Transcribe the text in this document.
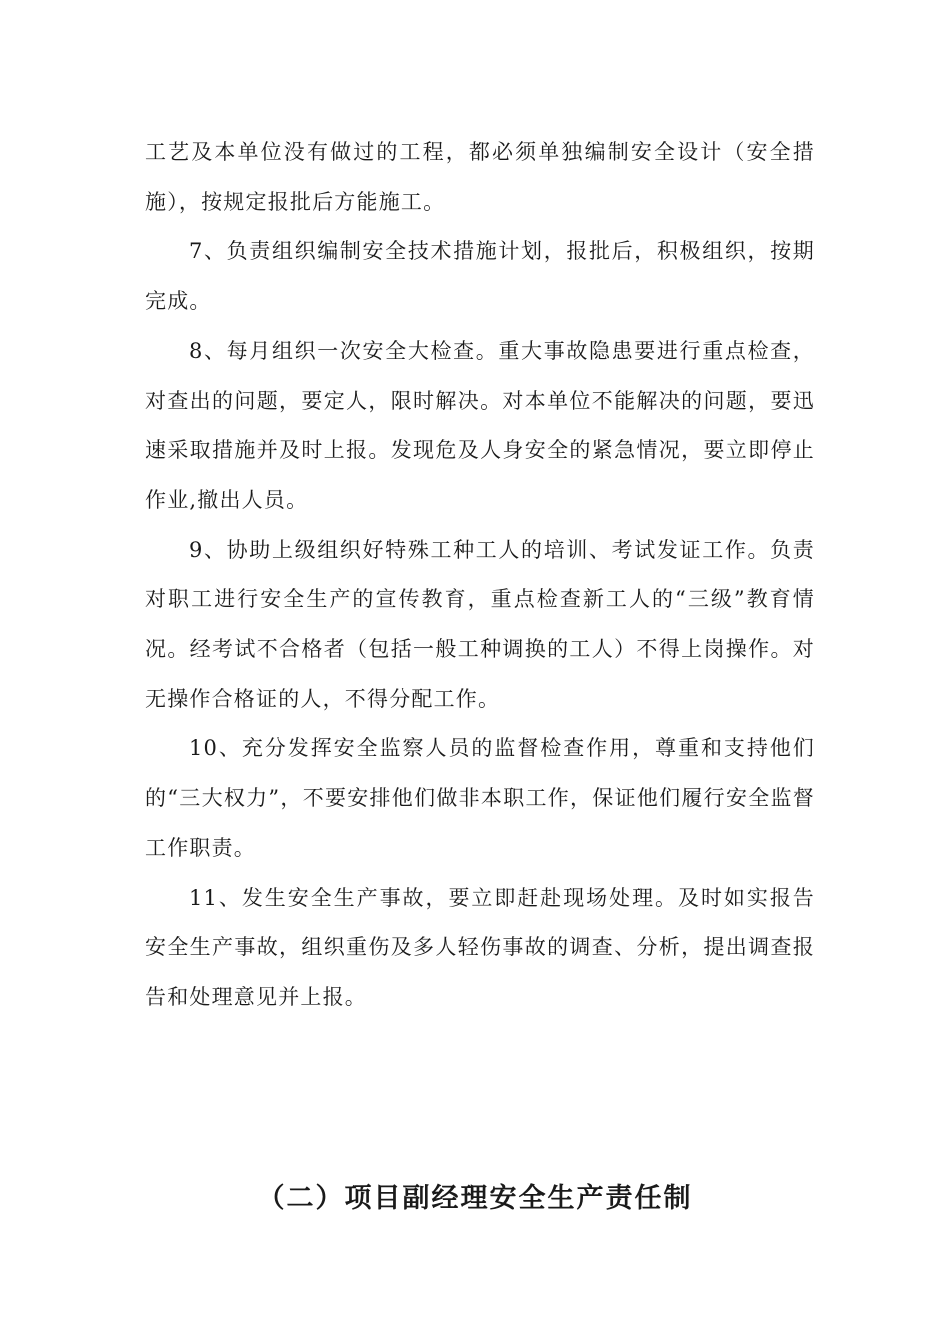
工艺及本单位没有做过的工程，都必须单独编制安全设计（安全措施），按规定报批后方能施工。

7、负责组织编制安全技术措施计划，报批后，积极组织，按期完成。

8、每月组织一次安全大检查。重大事故隐患要进行重点检查，对查出的问题，要定人，限时解决。对本单位不能解决的问题，要迅速采取措施并及时上报。发现危及人身安全的紧急情况，要立即停止作业,撤出人员。

9、协助上级组织好特殊工种工人的培训、考试发证工作。负责对职工进行安全生产的宣传教育，重点检查新工人的“三级”教育情况。经考试不合格者（包括一般工种调换的工人）不得上岗操作。对无操作合格证的人，不得分配工作。

10、充分发挥安全监察人员的监督检查作用，尊重和支持他们的“三大权力”，不要安排他们做非本职工作，保证他们履行安全监督工作职责。

11、发生安全生产事故，要立即赶赴现场处理。及时如实报告安全生产事故，组织重伤及多人轻伤事故的调查、分析，提出调查报告和处理意见并上报。

（二）项目副经理安全生产责任制
